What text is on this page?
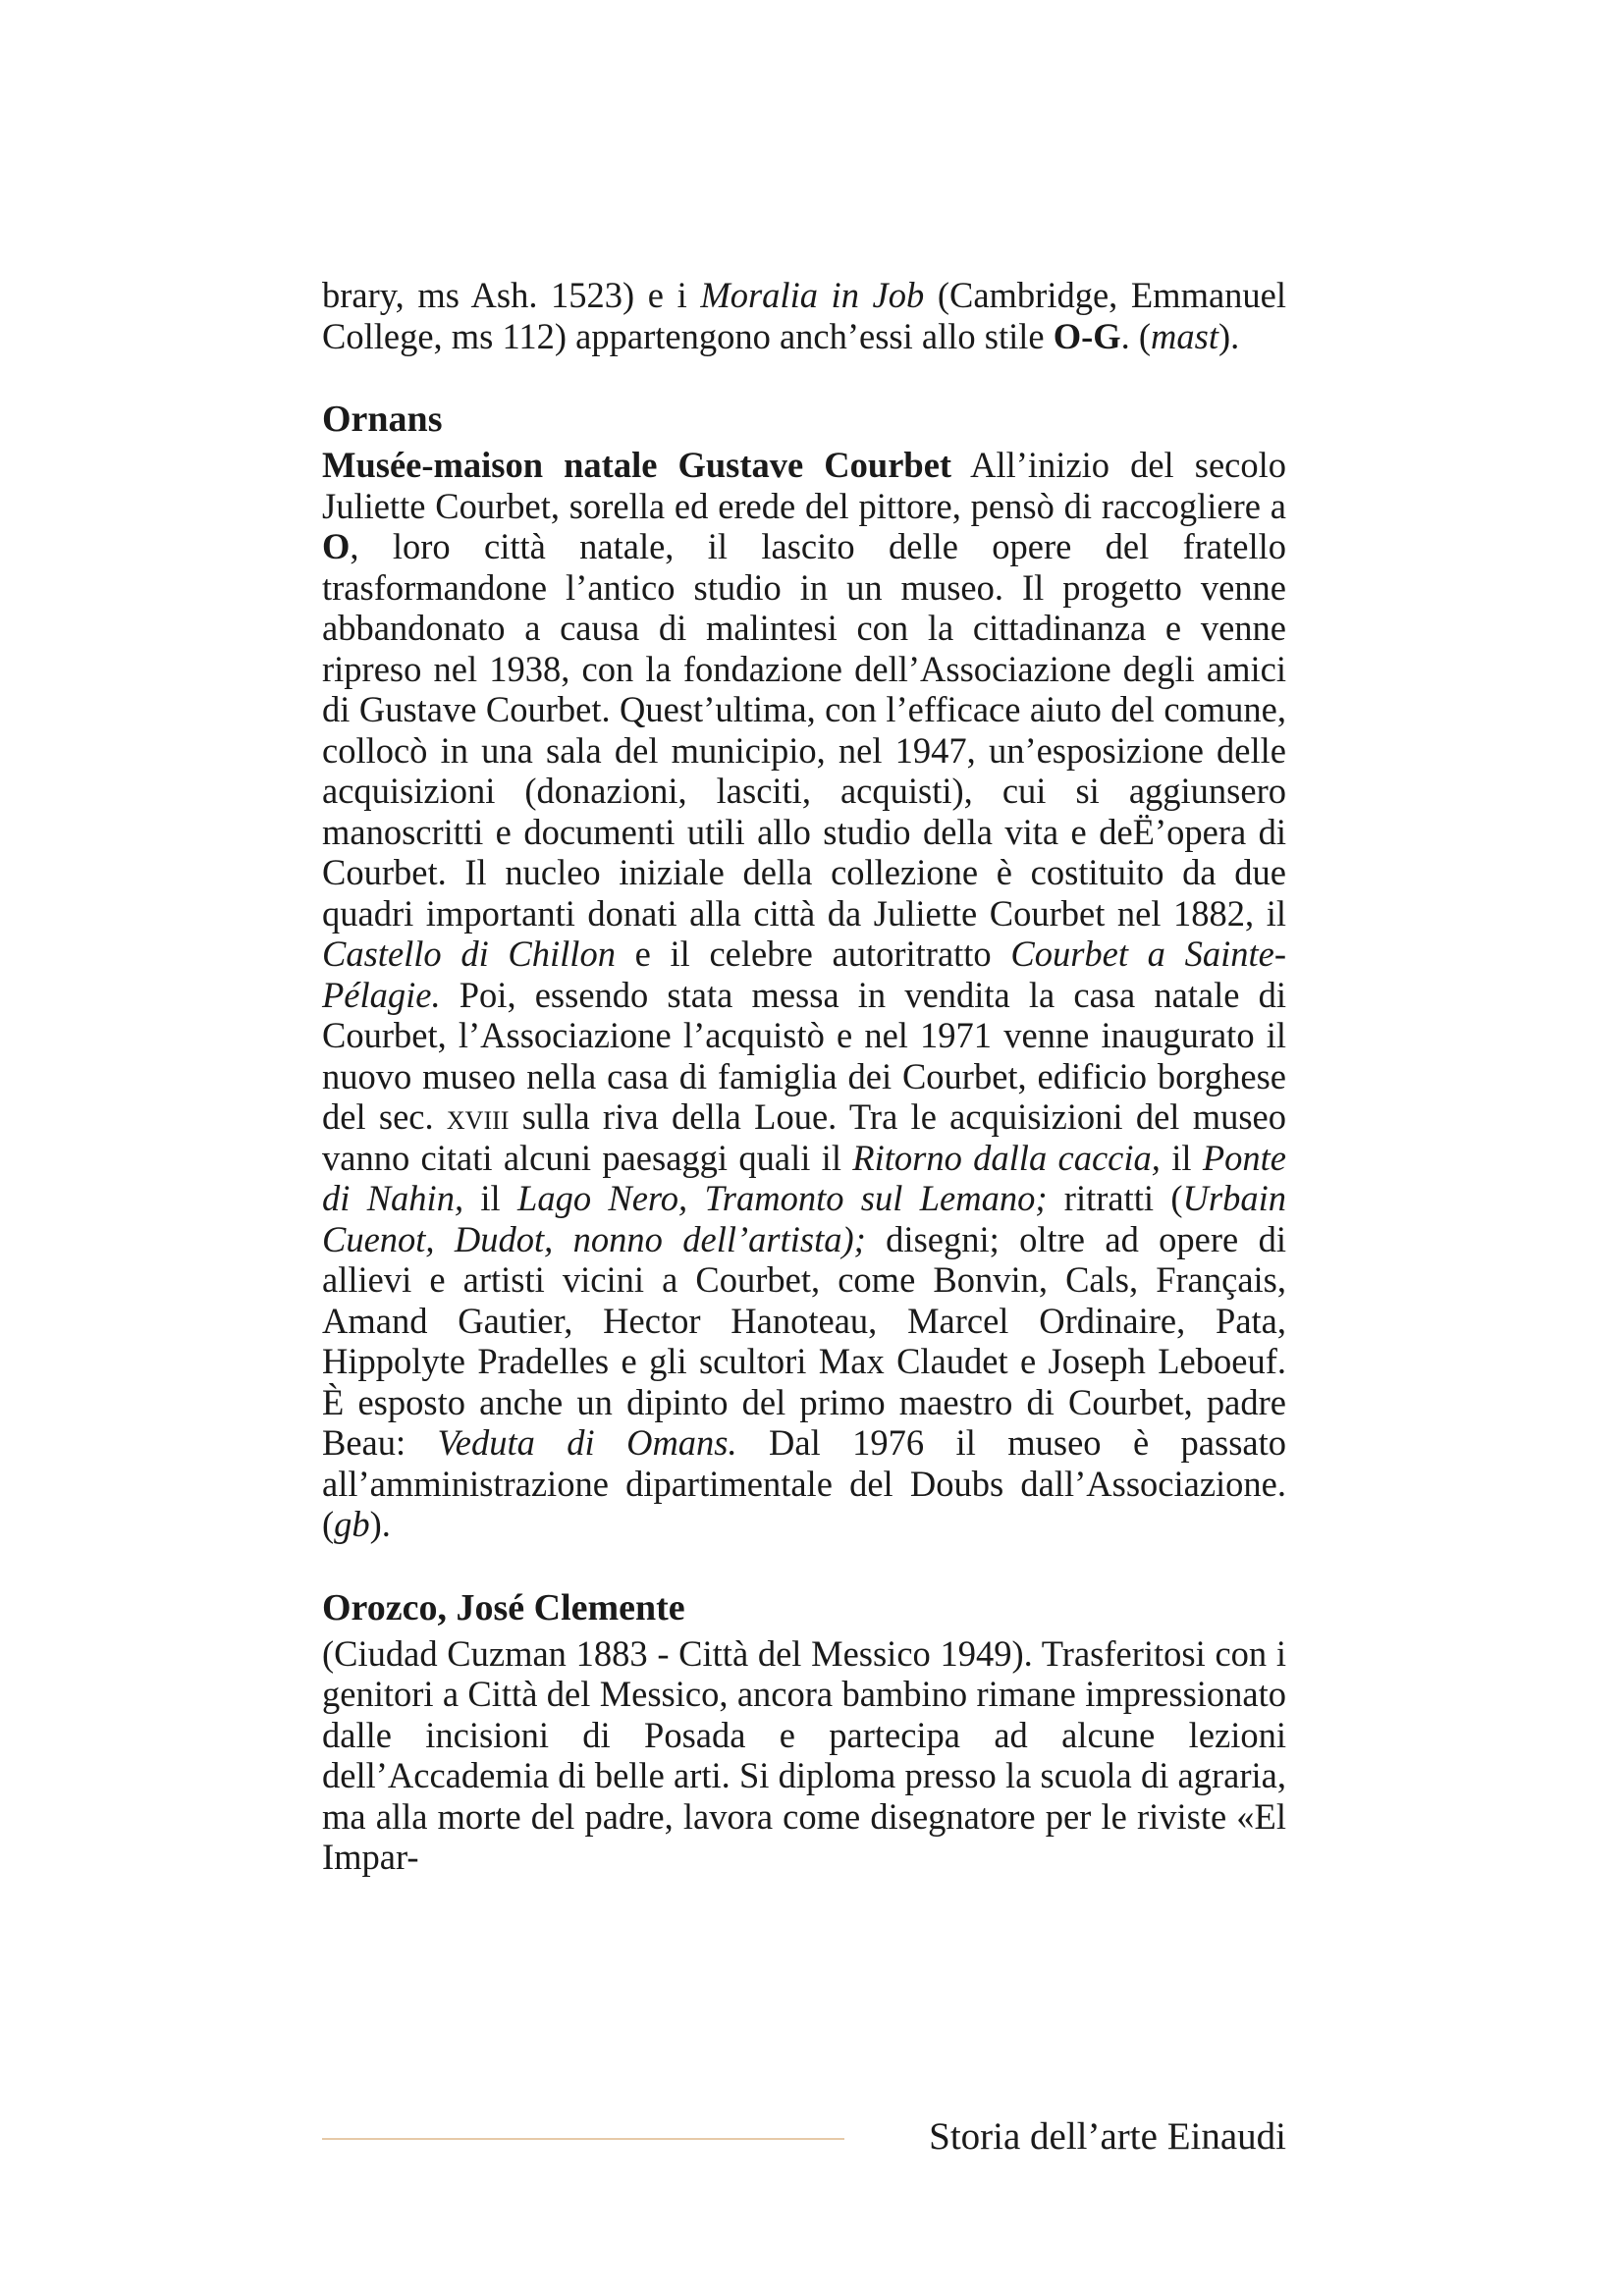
brary, ms Ash. 1523) e i Moralia in Job (Cambridge, Emmanuel College, ms 112) appartengono anch’essi allo stile O-G. (mast).

Ornans

Musée-maison natale Gustave Courbet All’inizio del secolo Juliette Courbet, sorella ed erede del pittore, pensò di raccogliere a O, loro città natale, il lascito delle opere del fratello trasformandone l’antico studio in un museo. Il progetto venne abbandonato a causa di malintesi con la cittadinanza e venne ripreso nel 1938, con la fondazione dell’Associazione degli amici di Gustave Courbet. Quest’ultima, con l’efficace aiuto del comune, collocò in una sala del municipio, nel 1947, un’esposizione delle acquisizioni (donazioni, lasciti, acquisti), cui si aggiunsero manoscritti e documenti utili allo studio della vita e deË’opera di Courbet. Il nucleo iniziale della collezione è costituito da due quadri importanti donati alla città da Juliette Courbet nel 1882, il Castello di Chillon e il celebre autoritratto Courbet a Sainte-Pélagie. Poi, essendo stata messa in vendita la casa natale di Courbet, l’Associazione l’acquistò e nel 1971 venne inaugurato il nuovo museo nella casa di famiglia dei Courbet, edificio borghese del sec. xviii sulla riva della Loue. Tra le acquisizioni del museo vanno citati alcuni paesaggi quali il Ritorno dalla caccia, il Ponte di Nahin, il Lago Nero, Tramonto sul Lemano; ritratti (Urbain Cuenot, Dudot, nonno dell’artista); disegni; oltre ad opere di allievi e artisti vicini a Courbet, come Bonvin, Cals, Français, Amand Gautier, Hector Hanoteau, Marcel Ordinaire, Pata, Hippolyte Pradelles e gli scultori Max Claudet e Joseph Leboeuf. È esposto anche un dipinto del primo maestro di Courbet, padre Beau: Veduta di Omans. Dal 1976 il museo è passato all’amministrazione dipartimentale del Doubs dall’Associazione. (gb).

Orozco, José Clemente

(Ciudad Cuzman 1883 - Città del Messico 1949). Trasferitosi con i genitori a Città del Messico, ancora bambino rimane impressionato dalle incisioni di Posada e partecipa ad alcune lezioni dell’Accademia di belle arti. Si diploma presso la scuola di agraria, ma alla morte del padre, lavora come disegnatore per le riviste «El Impar-

Storia dell’arte Einaudi
